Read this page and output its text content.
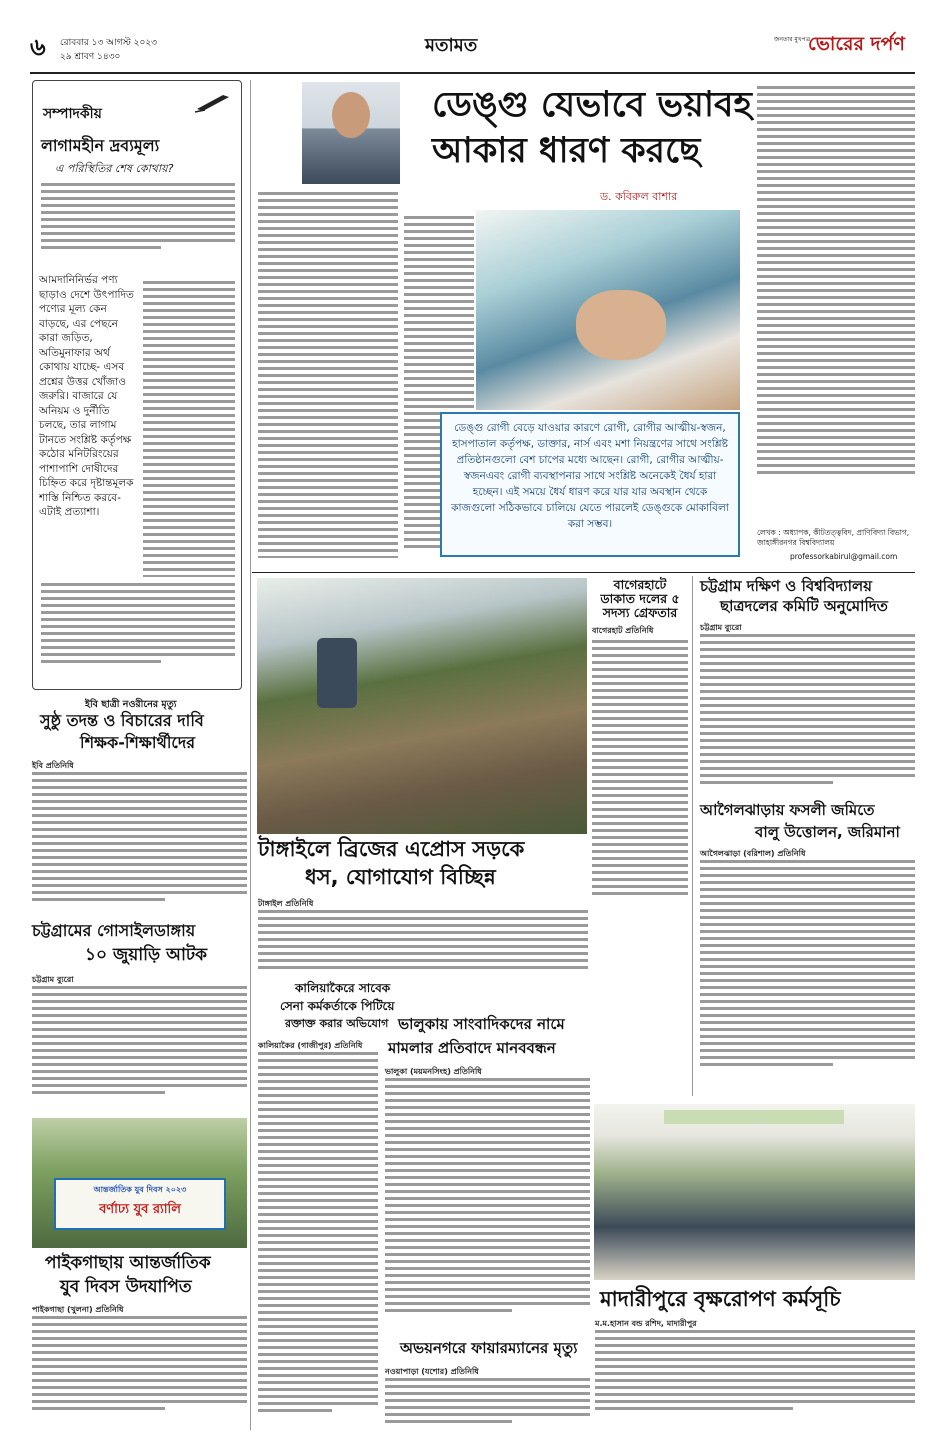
৬ রোববার ১৩ আগস্ট ২০২৩
২৯ শ্রাবণ ১৪৩০
মতামত	জনতার মুখপত্র
ভোরের দর্পণ
সম্পাদকীয়
লাগামহীন দ্রব্যমূল্য
এ পরিস্থিতির শেষ কোথায়?
আমদানিনির্ভর পণ্য ছাড়াও দেশে উৎপাদিত পণ্যের মূল্য কেন বাড়ছে, এর পেছনে কারা জড়িত, অতিমুনাফার অর্থ কোথায় যাচ্ছে- এসব প্রশ্নের উত্তর খোঁজাও জরুরি। বাজারে যে অনিয়ম ও দুর্নীতি চলছে, তার লাগাম টানতে সংশ্লিষ্ট কর্তৃপক্ষ কঠোর মনিটরিংয়ের পাশাপাশি দোষীদের চিহ্নিত করে দৃষ্টান্তমূলক শাস্তি নিশ্চিত করবে-এটাই প্রত্যাশা।
ডেঙ্গু যেভাবে ভয়াবহ
আকার ধারণ করছে
ড. কবিরুল বাশার
ডেঙ্গু রোগী বেড়ে যাওয়ার কারণে রোগী, রোগীর আত্মীয়-স্বজন, হাসপাতাল কর্তৃপক্ষ, ডাক্তার, নার্স এবং মশা নিয়ন্ত্রণের সাথে সংশ্লিষ্ট প্রতিষ্ঠানগুলো বেশ চাপের মধ্যে আছেন। রোগী, রোগীর আত্মীয়-স্বজনএবং রোগী ব্যবস্থাপনার সাথে সংশ্লিষ্ট অনেকেই ধৈর্য হারা হচ্ছেন। এই সময়ে ধৈর্য ধারণ করে যার যার অবস্থান থেকে কাজগুলো সঠিকভাবে চালিয়ে যেতে পারলেই ডেঙ্গুকে মোকাবিলা করা সম্ভব।
লেখক : অধ্যাপক, কীটতত্ত্ববিদ, প্রাণিবিদ্যা বিভাগ, জাহাঙ্গীরনগর বিশ্ববিদ্যালয়
professorkabirul@gmail.com
টাঙ্গাইলে ব্রিজের এপ্রোস সড়কে
ধস, যোগাযোগ বিচ্ছিন্ন
টাঙ্গাইল প্রতিনিধি
বাগেরহাটে ডাকাত দলের ৫ সদস্য গ্রেফতার
বাগেরহাট প্রতিনিধি
চট্টগ্রাম দক্ষিণ ও বিশ্ববিদ্যালয়
ছাত্রদলের কমিটি অনুমোদিত
চট্টগ্রাম ব্যুরো
আগৈলঝাড়ায় ফসলী জমিতে
বালু উত্তোলন, জরিমানা
আগৈলঝাড়া (বরিশাল) প্রতিনিধি
ইবি ছাত্রী নওরীনের মৃত্যু
সুষ্ঠু তদন্ত ও বিচারের দাবি
শিক্ষক-শিক্ষার্থীদের
ইবি প্রতিনিধি
চট্টগ্রামের গোসাইলডাঙ্গায়
১০ জুয়াড়ি আটক
চট্টগ্রাম ব্যুরো
আন্তর্জাতিক যুব দিবস ২০২৩
বর্ণাঢ্য যুব র‌্যালি
পাইকগাছায় আন্তর্জাতিক
যুব দিবস উদযাপিত
পাইকগাছা (খুলনা) প্রতিনিধি
কালিয়াকৈরে সাবেক
সেনা কর্মকর্তাকে পিটিয়ে
রক্তাক্ত করার অভিযোগ
কালিয়াকৈর (গাজীপুর) প্রতিনিধি
ভালুকায় সাংবাদিকদের নামে
মামলার প্রতিবাদে মানববন্ধন
ভালুকা (ময়মনসিংহ) প্রতিনিধি
অভয়নগরে ফায়ারম্যানের মৃত্যু
নওয়াপাড়া (যশোর) প্রতিনিধি
মাদারীপুরে বৃক্ষরোপণ কর্মসূচি
ম.ম.হাসান বন্ড রশিদ, মাদারীপুর
